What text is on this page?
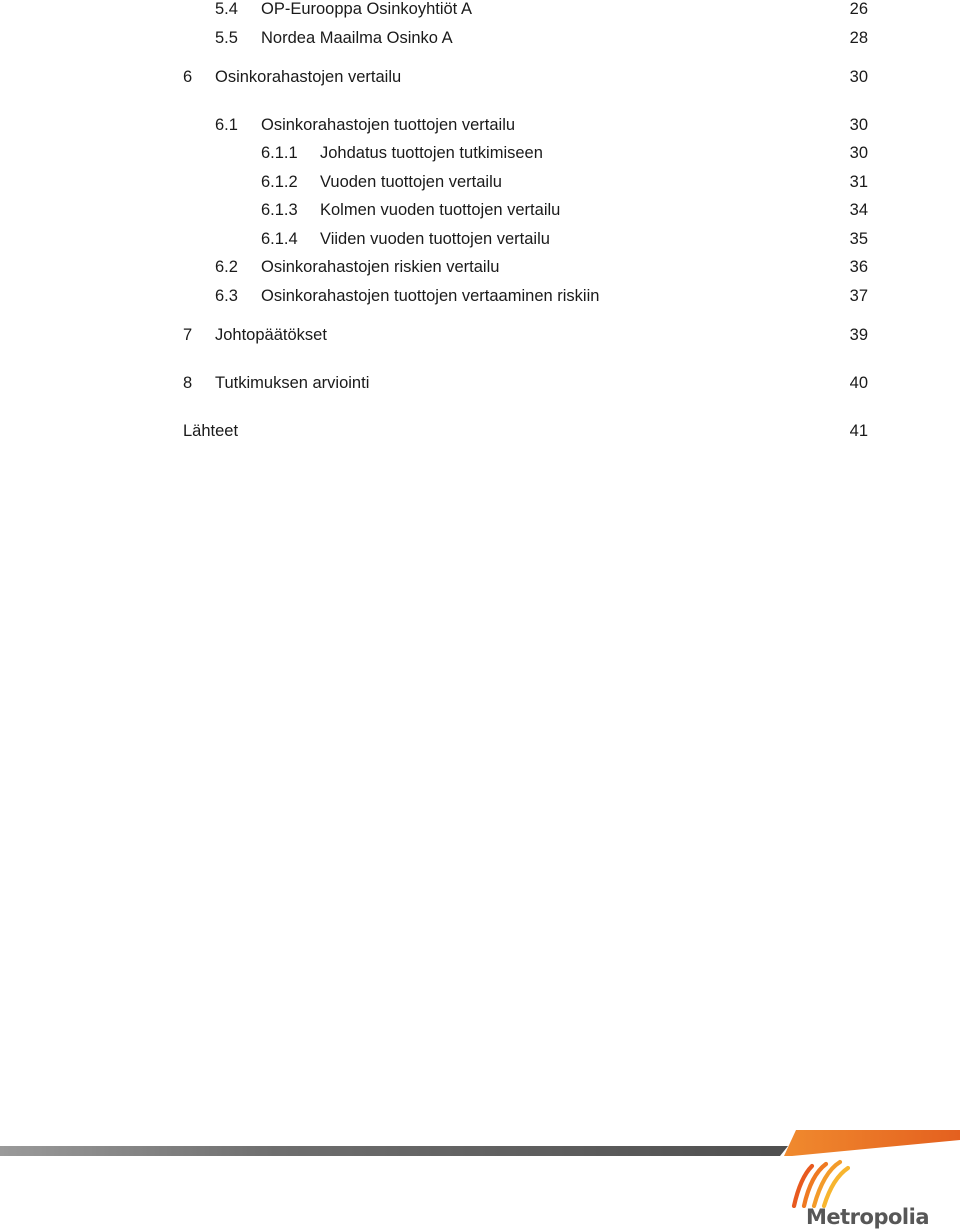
5.4 OP-Eurooppa Osinkoyhtiöt A	26
5.5 Nordea Maailma Osinko A	28
6 Osinkorahastojen vertailu	30
6.1 Osinkorahastojen tuottojen vertailu	30
6.1.1 Johdatus tuottojen tutkimiseen	30
6.1.2 Vuoden tuottojen vertailu	31
6.1.3 Kolmen vuoden tuottojen vertailu	34
6.1.4 Viiden vuoden tuottojen vertailu	35
6.2 Osinkorahastojen riskien vertailu	36
6.3 Osinkorahastojen tuottojen vertaaminen riskiin	37
7 Johtopäätökset	39
8 Tutkimuksen arviointi	40
Lähteet	41
Metropolia
